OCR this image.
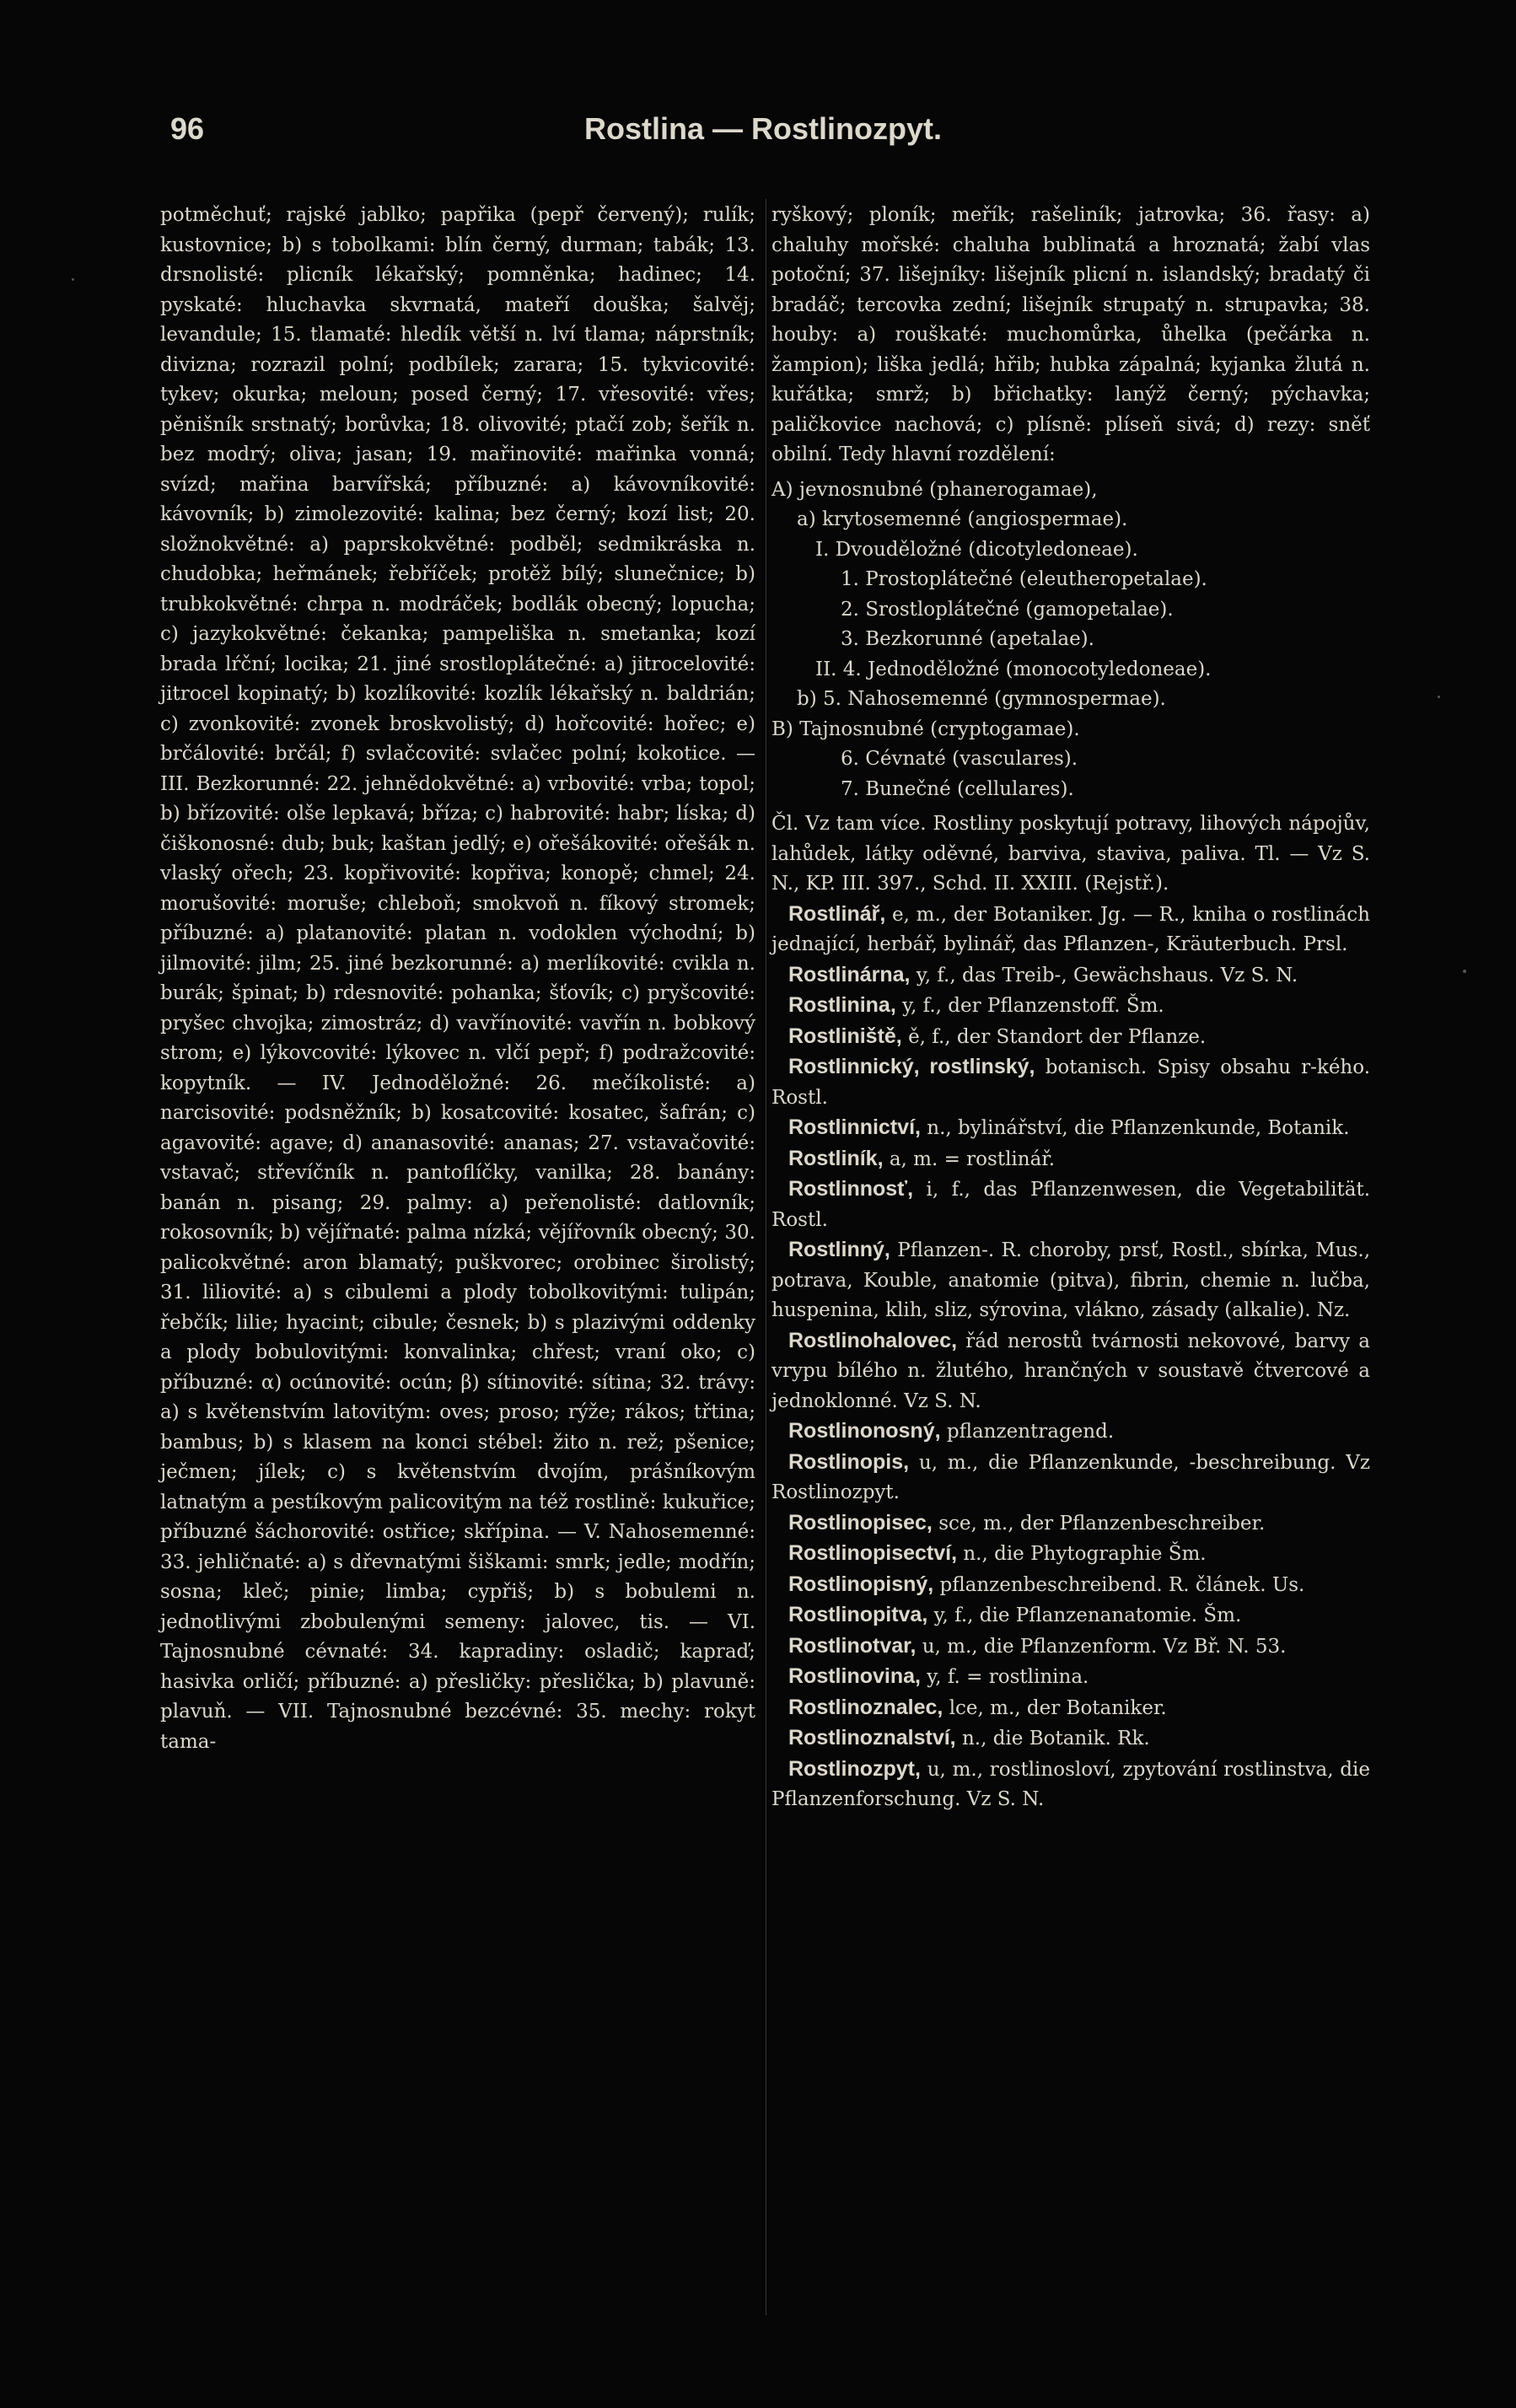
96	Rostlina — Rostlinozpyt.

potměchuť; rajské jablko; papřika (pepř červený); rulík; kustovnice; b) s tobolkami: blín černý, durman; tabák; 13. drsnolisté: plicník lékařský; pomněnka; hadinec; 14. pyskaté: hluchavka skvrnatá, mateří douška; šalvěj; levandule; 15. tlamaté: hledík větší n. lví tlama; náprstník; divizna; rozrazil polní; podbílek; zarara; 15. tykvicovité: tykev; okurka; meloun; posed černý; 17. vřesovité: vřes; pěnišník srstnatý; borůvka; 18. olivovité; ptačí zob; šeřík n. bez modrý; oliva; jasan; 19. mařinovité: mařinka vonná; svízd; mařina barvířská; příbuzné: a) kávovníkovité: kávovník; b) zimolezovité: kalina; bez černý; kozí list; 20. složnokvětné: a) paprskokvětné: podběl; sedmikráska n. chudobka; heřmánek; řebříček; protěž bílý; slunečnice; b) trubkokvětné: chrpa n. modráček; bodlák obecný; lopucha; c) jazykokvětné: čekanka; pampeliška n. smetanka; kozí brada lŕční; locika; 21. jiné srostloplátečné: a) jitrocelovité: jitrocel kopinatý; b) kozlíkovité: kozlík lékařský n. baldrián; c) zvonkovité: zvonek broskvolistý; d) hořcovité: hořec; e) brčálovité: brčál; f) svlačcovité: svlačec polní; kokotice. — III. Bezkorunné: 22. jehnědokvětné: a) vrbovité: vrba; topol; b) břízovité: olše lepkavá; bříza; c) habrovité: habr; líska; d) čiškonosné: dub; buk; kaštan jedlý; e) ořešákovité: ořešák n. vlaský ořech; 23. kopřivovité: kopřiva; konopě; chmel; 24. morušovité: moruše; chleboň; smokvoň n. fíkový stromek; příbuzné: a) platanovité: platan n. vodoklen východní; b) jilmovité: jilm; 25. jiné bezkorunné: a) merlíkovité: cvikla n. burák; špinat; b) rdesnovité: pohanka; šťovík; c) pryšcovité: pryšec chvojka; zimostráz; d) vavřínovité: vavřín n. bobkový strom; e) lýkovcovité: lýkovec n. vlčí pepř; f) podražcovité: kopytník. — IV. Jednoděložné: 26. mečíkolisté: a) narcisovité: podsněžník; b) kosatcovité: kosatec, šafrán; c) agavovité: agave; d) ananasovité: ananas; 27. vstavačovité: vstavač; střevíčník n. pantoflíčky, vanilka; 28. banány: banán n. pisang; 29. palmy: a) peřenolisté: datlovník; rokosovník; b) vějířnaté: palma nízká; vějířovník obecný; 30. palicokvětné: aron blamatý; puškvorec; orobinec širolistý; 31. liliovité: a) s cibulemi a plody tobolkovitými: tulipán; řebčík; lilie; hyacint; cibule; česnek; b) s plazivými oddenky a plody bobulovitými: konvalinka; chřest; vraní oko; c) příbuzné: α) ocúnovité: ocún; β) sítinovité: sítina; 32. trávy: a) s květenstvím latovitým: oves; proso; rýže; rákos; třtina; bambus; b) s klasem na konci stébel: žito n. rež; pšenice; ječmen; jílek; c) s květenstvím dvojím, prášníkovým latnatým a pestíkovým palicovitým na též rostlině: kukuřice; příbuzné šáchorovité: ostřice; skřípina. — V. Nahosemenné: 33. jehličnaté: a) s dřevnatými šiškami: smrk; jedle; modřín; sosna; kleč; pinie; limba; cypřiš; b) s bobulemi n. jednotlivými zbobulenými semeny: jalovec, tis. — VI. Tajnosnubné cévnaté: 34. kapradiny: osladič; kapraď; hasivka orličí; příbuzné: a) přesličky: přeslička; b) plavuně: plavuň. — VII. Tajnosnubné bezcévné: 35. mechy: rokyt tama-

ryškový; ploník; meřík; rašeliník; jatrovka; 36. řasy: a) chaluhy mořské: chaluha bublinatá a hroznatá; žabí vlas potoční; 37. lišejníky: lišejník plicní n. islandský; bradatý či bradáč; tercovka zední; lišejník strupatý n. strupavka; 38. houby: a) rouškaté: muchomůrka, ůhelka (pečárka n. žampion); liška jedlá; hřib; hubka zápalná; kyjanka žlutá n. kuřátka; smrž; b) břichatky: lanýž černý; pýchavka; paličkovice nachová; c) plísně: plíseň sivá; d) rezy: sněť obilní. Tedy hlavní rozdělení:

A) jevnosnubné (phanerogamae),
a) krytosemenné (angiospermae).
I. Dvouděložné (dicotyledoneae).
1. Prostoplátečné (eleutheropetalae).
2. Srostloplátečné (gamopetalae).
3. Bezkorunné (apetalae).
II. 4. Jednoděložné (monocotyledoneae).
b) 5. Nahosemenné (gymnospermae).
B) Tajnosnubné (cryptogamae).
6. Cévnaté (vasculares).
7. Bunečné (cellulares).

Čl. Vz tam více. Rostliny poskytují potravy, lihových nápojův, lahůdek, látky oděvné, barviva, staviva, paliva. Tl. — Vz S. N., KP. III. 397., Schd. II. XXIII. (Rejstř.).

Rostlinář, e, m., der Botaniker. Jg. — R., kniha o rostlinách jednající, herbář, bylinář, das Pflanzen-, Kräuterbuch. Prsl.

Rostlinárna, y, f., das Treib-, Gewächshaus. Vz S. N.

Rostlinina, y, f., der Pflanzenstoff. Šm.

Rostliniště, ě, f., der Standort der Pflanze.

Rostlinnický, rostlinský, botanisch. Spisy obsahu r-kého. Rostl.

Rostlinnictví, n., bylinářství, die Pflanzenkunde, Botanik.

Rostliník, a, m. = rostlinář.

Rostlinnosť, i, f., das Pflanzenwesen, die Vegetabilität. Rostl.

Rostlinný, Pflanzen-. R. choroby, prsť, Rostl., sbírka, Mus., potrava, Kouble, anatomie (pitva), fibrin, chemie n. lučba, huspenina, klih, sliz, sýrovina, vlákno, zásady (alkalie). Nz.

Rostlinohalovec, řád nerostů tvárnosti nekovové, barvy a vrypu bílého n. žlutého, hrančných v soustavě čtvercové a jednoklonné. Vz S. N.

Rostlinonosný, pflanzentragend.

Rostlinopis, u, m., die Pflanzenkunde, -beschreibung. Vz Rostlinozpyt.

Rostlinopisec, sce, m., der Pflanzenbeschreiber.

Rostlinopisectví, n., die Phytographie Šm.

Rostlinopisný, pflanzenbeschreibend. R. článek. Us.

Rostlinopitva, y, f., die Pflanzenanatomie. Šm.

Rostlinotvar, u, m., die Pflanzenform. Vz Bř. N. 53.

Rostlinovina, y, f. = rostlinina.

Rostlinoznalec, lce, m., der Botaniker.

Rostlinoznalství, n., die Botanik. Rk.

Rostlinozpyt, u, m., rostlinosloví, zpytování rostlinstva, die Pflanzenforschung. Vz S. N.
